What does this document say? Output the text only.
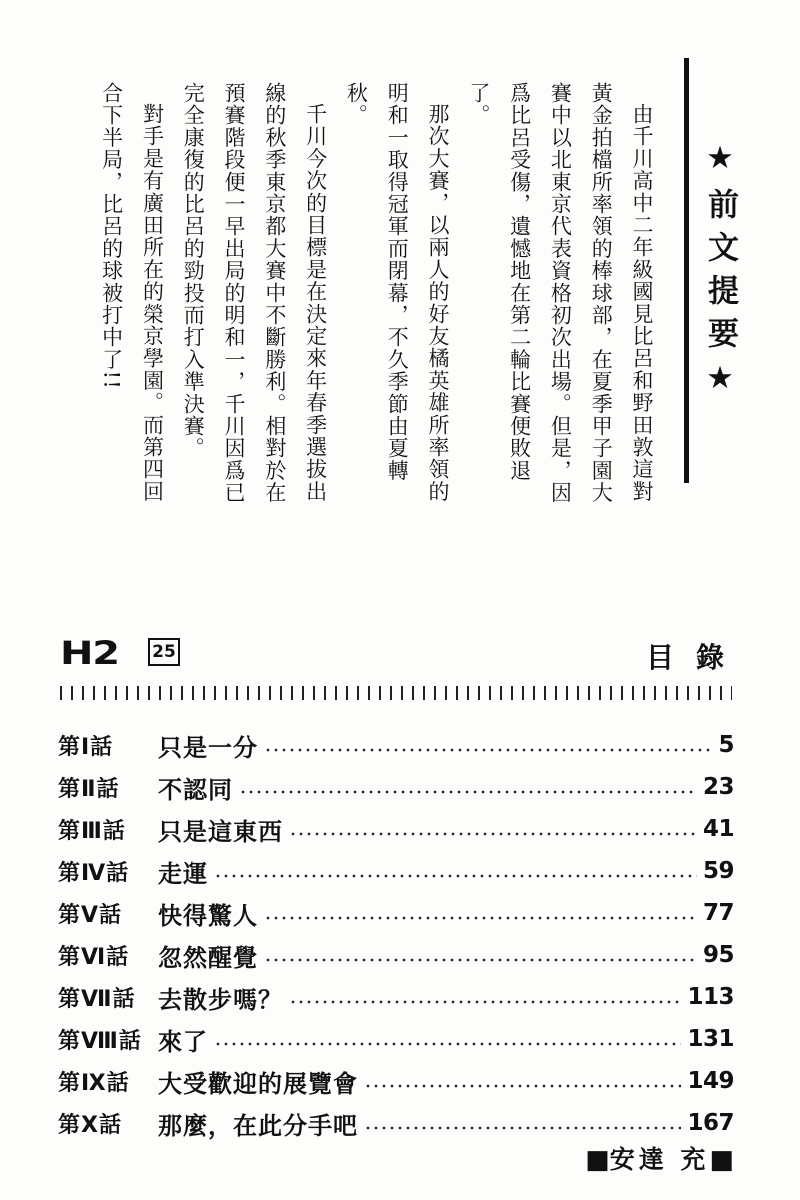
★前文提要★

由千川高中二年級國見比呂和野田敦這對黃金拍檔所率領的棒球部，在夏季甲子園大賽中以北東京代表資格初次出場。但是，因爲比呂受傷，遺憾地在第二輪比賽便敗退了。

那次大賽，以兩人的好友橘英雄所率領的明和一取得冠軍而閉幕，不久季節由夏轉秋。

千川今次的目標是在決定來年春季選拔出線的秋季東京都大賽中不斷勝利。相對於在預賽階段便一早出局的明和一，千川因爲已完全康復的比呂的勁投而打入準決賽。

對手是有廣田所在的榮京學園。而第四回合下半局，比呂的球被打中了!!

H2 25	目錄
第Ⅰ話	只是一分	5
第Ⅱ話	不認同	23
第Ⅲ話	只是這東西	41
第Ⅳ話	走運	59
第Ⅴ話	快得驚人	77
第Ⅵ話	忽然醒覺	95
第Ⅶ話 去散步嗎？	113
第Ⅷ話 來了	131
第Ⅸ話	大受歡迎的展覽會	149
第Ⅹ話	那麼，在此分手吧	167
■安達 充■
